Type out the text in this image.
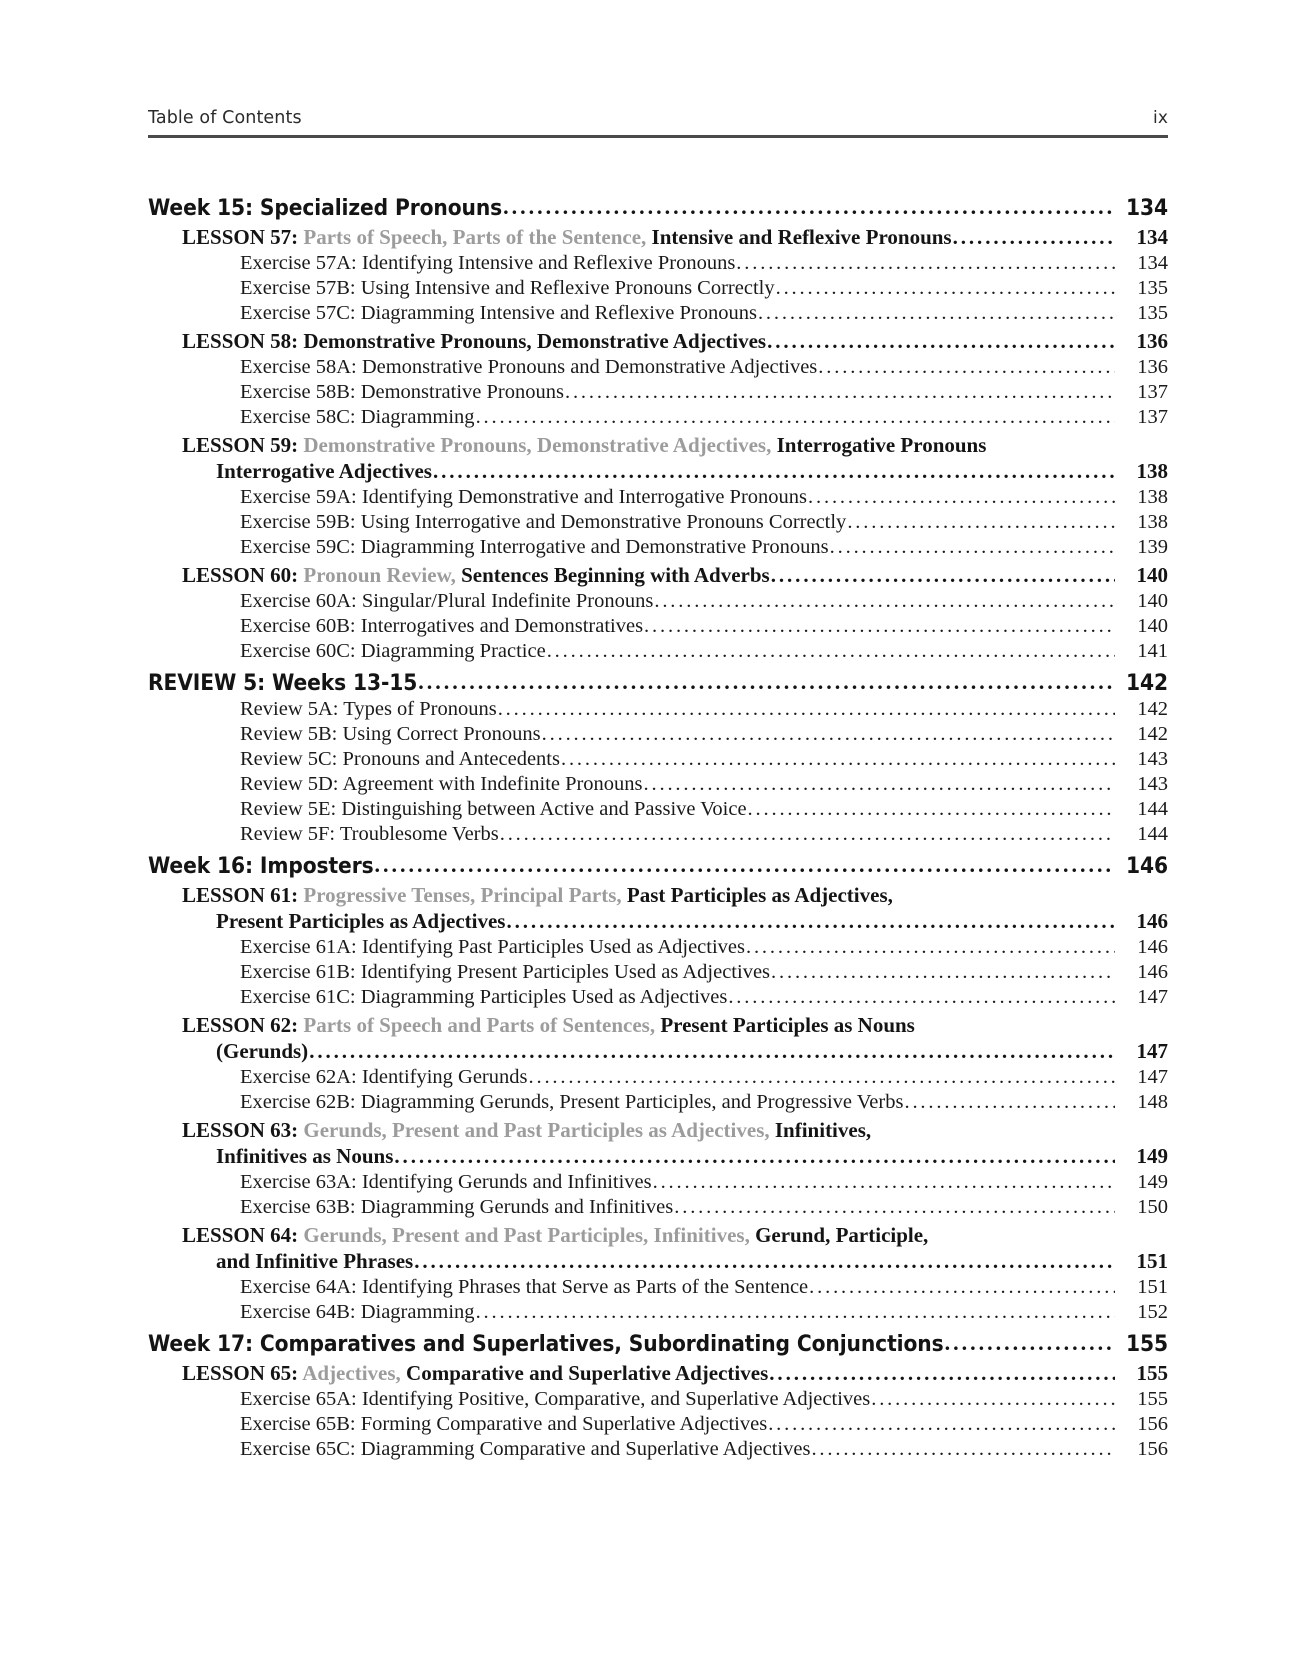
Table of Contents	ix
Week 15: Specialized Pronouns .....	134
LESSON 57: Parts of Speech, Parts of the Sentence, Intensive and Reflexive Pronouns .....	134
Exercise 57A: Identifying Intensive and Reflexive Pronouns .....	134
Exercise 57B: Using Intensive and Reflexive Pronouns Correctly .....	135
Exercise 57C: Diagramming Intensive and Reflexive Pronouns .....	135
LESSON 58: Demonstrative Pronouns, Demonstrative Adjectives .....	136
Exercise 58A: Demonstrative Pronouns and Demonstrative Adjectives .....	136
Exercise 58B: Demonstrative Pronouns .....	137
Exercise 58C: Diagramming .....	137
LESSON 59: Demonstrative Pronouns, Demonstrative Adjectives, Interrogative Pronouns
Interrogative Adjectives .....	138
Exercise 59A: Identifying Demonstrative and Interrogative Pronouns .....	138
Exercise 59B: Using Interrogative and Demonstrative Pronouns Correctly .....	138
Exercise 59C: Diagramming Interrogative and Demonstrative Pronouns .....	139
LESSON 60: Pronoun Review, Sentences Beginning with Adverbs .....	140
Exercise 60A: Singular/Plural Indefinite Pronouns .....	140
Exercise 60B: Interrogatives and Demonstratives .....	140
Exercise 60C: Diagramming Practice .....	141
REVIEW 5: Weeks 13-15 .....	142
Review 5A: Types of Pronouns .....	142
Review 5B: Using Correct Pronouns .....	142
Review 5C: Pronouns and Antecedents .....	143
Review 5D: Agreement with Indefinite Pronouns .....	143
Review 5E: Distinguishing between Active and Passive Voice .....	144
Review 5F: Troublesome Verbs .....	144
Week 16: Imposters .....	146
LESSON 61: Progressive Tenses, Principal Parts, Past Participles as Adjectives,
Present Participles as Adjectives .....	146
Exercise 61A: Identifying Past Participles Used as Adjectives .....	146
Exercise 61B: Identifying Present Participles Used as Adjectives .....	146
Exercise 61C: Diagramming Participles Used as Adjectives .....	147
LESSON 62: Parts of Speech and Parts of Sentences, Present Participles as Nouns
(Gerunds) .....	147
Exercise 62A: Identifying Gerunds .....	147
Exercise 62B: Diagramming Gerunds, Present Participles, and Progressive Verbs .....	148
LESSON 63: Gerunds, Present and Past Participles as Adjectives, Infinitives,
Infinitives as Nouns .....	149
Exercise 63A: Identifying Gerunds and Infinitives .....	149
Exercise 63B: Diagramming Gerunds and Infinitives .....	150
LESSON 64: Gerunds, Present and Past Participles, Infinitives, Gerund, Participle,
and Infinitive Phrases .....	151
Exercise 64A: Identifying Phrases that Serve as Parts of the Sentence .....	151
Exercise 64B: Diagramming .....	152
Week 17: Comparatives and Superlatives, Subordinating Conjunctions .....	155
LESSON 65: Adjectives, Comparative and Superlative Adjectives .....	155
Exercise 65A: Identifying Positive, Comparative, and Superlative Adjectives .....	155
Exercise 65B: Forming Comparative and Superlative Adjectives .....	156
Exercise 65C: Diagramming Comparative and Superlative Adjectives .....	156
